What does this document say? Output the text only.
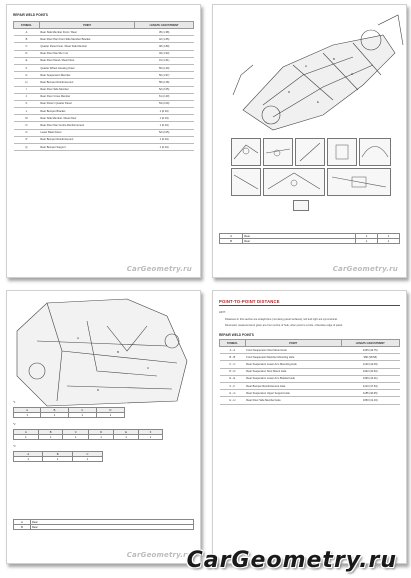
REPAIR WELD POINTS
SYMBOL	POINT	LENGTH ADJUSTMENT
A	Rear Side Member Front / Rear	35 (1.38)
B	Rear Floor Pan Front Side Member Bracket	42 (1.65)
C	Quarter Panel Inner / Rear Side Member	48 (1.89)
D	Rear Floor Pan RH / LH	49 (1.93)
E	Rear Floor Panel / Rear Floor	41 (1.61)
F	Quarter Wheel Housing Outer	56 (2.20)
G	Rear Suspension Member	50 (1.97)
H	Rear Bumper Reinforcement	58 (2.28)
I	Rear Floor Side Member	52 (2.05)
J	Rear Floor Cross Member	61 (2.40)
K	Rear Panel / Quarter Panel	53 (2.09)
L	Rear Bumper Bracket	1 (0.04)
M	Rear Side Member / Rear Floor	1 (0.04)
N	Rear Floor Pan Centre Reinforcement	1 (0.04)
O	Lower Back Panel	52 (2.05)
P	Rear Bumper Reinforcement	1 (0.04)
Q	Rear Bumper Support	1 (0.04)
CarGeometry.ru
A
B
C
D
E
A	Rear	1	1
B	Rear	1	1
CarGeometry.ru
A
B
C
D
*1
A	B	C	D
1	1	1	1
*2
A	B	C	D	E	F
1	1	1	1	1	1
*3
A	B	C
1	1	1
A	Rear
B	Rear
CarGeometry.ru
POINT-TO-POINT DISTANCE
HINT:
Distances in this section are straight-line (not along panel surfaces), left and right are symmetrical.
Dimension measurements given are from centre of hole, when point is a hole, otherwise edge of panel.
REPAIR WELD POINTS
SYMBOL	POINT	LENGTH ADJUSTMENT
A - A	Front Suspension Strut Mount Hole	1035 (40.75)
B - B	Front Suspension Member Mounting Hole	980 (38.58)
C - C	Rear Suspension Lower Arm Mounting Hole	1120 (44.09)
D - D	Rear Suspension Strut Mount Hole	1032 (40.63)
E - E	Rear Suspension Lower Arm Bracket Hole	1090 (42.91)
F - F	Rear Bumper Reinforcement Hole	1210 (47.64)
G - G	Rear Suspension Upper Support Hole	1185 (46.65)
H - H	Rear Floor Side Member Hole	1050 (41.34)
CarGeometry.ru
